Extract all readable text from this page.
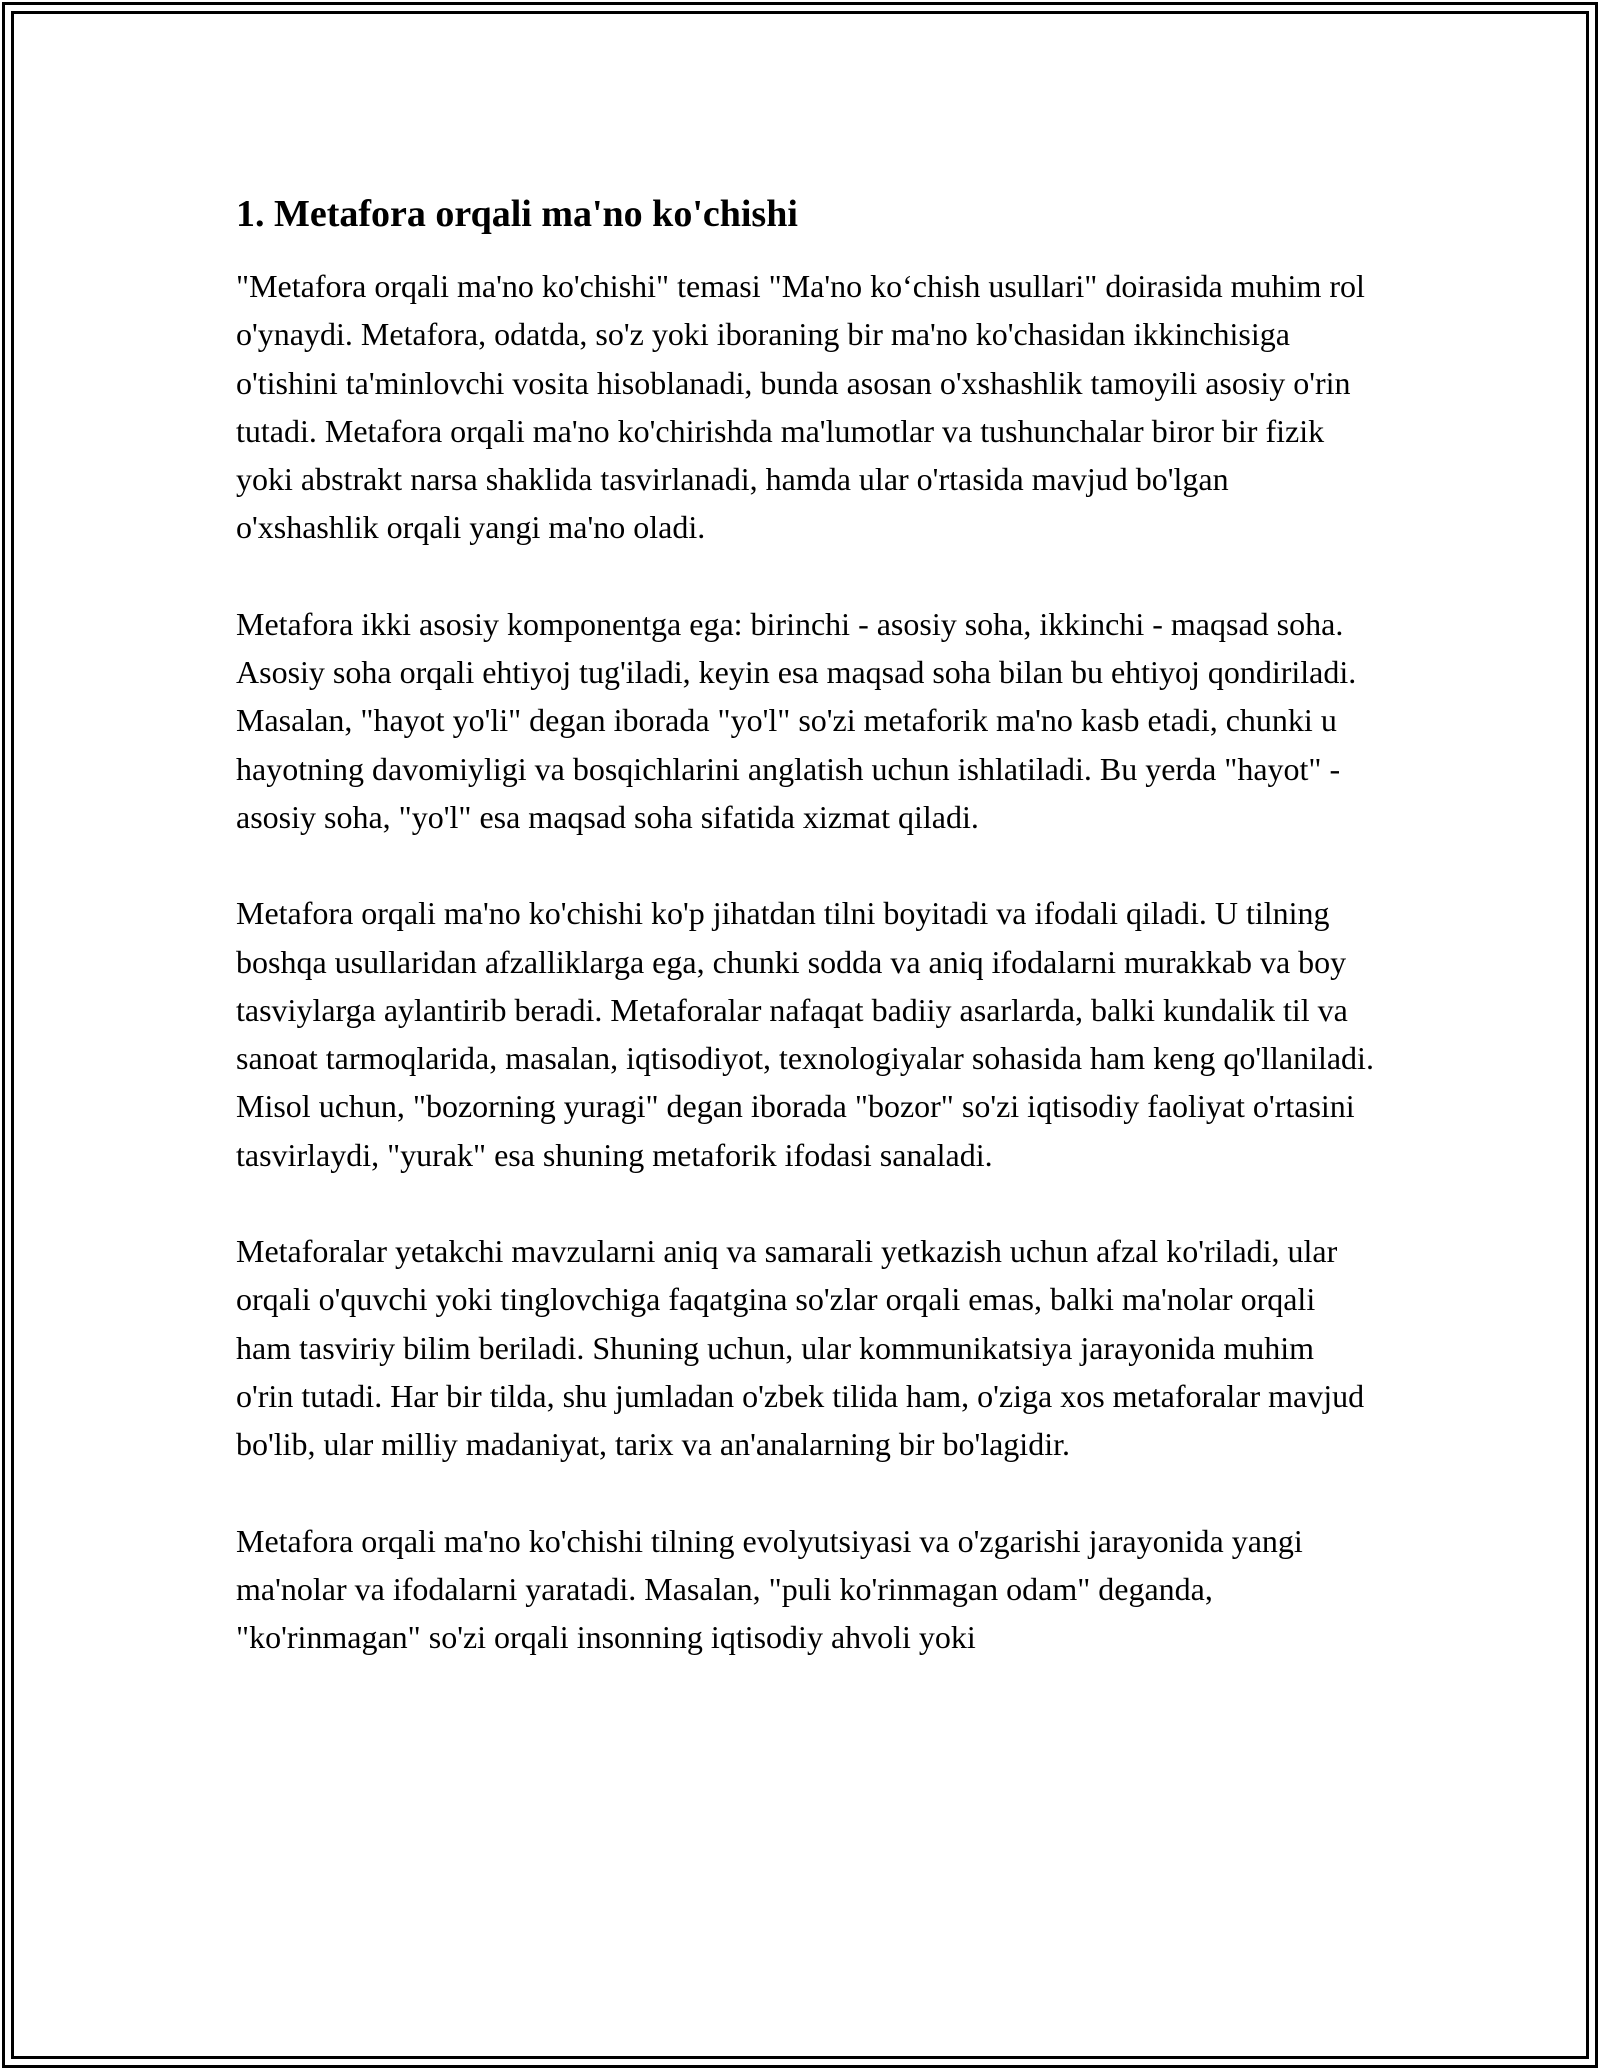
1. Metafora orqali ma'no ko'chishi

"Metafora orqali ma'no ko'chishi" temasi "Ma'no ko‘chish usullari" doirasida muhim rol o'ynaydi. Metafora, odatda, so'z yoki iboraning bir ma'no ko'chasidan ikkinchisiga o'tishini ta'minlovchi vosita hisoblanadi, bunda asosan o'xshashlik tamoyili asosiy o'rin tutadi. Metafora orqali ma'no ko'chirishda ma'lumotlar va tushunchalar biror bir fizik yoki abstrakt narsa shaklida tasvirlanadi, hamda ular o'rtasida mavjud bo'lgan o'xshashlik orqali yangi ma'no oladi.

Metafora ikki asosiy komponentga ega: birinchi - asosiy soha, ikkinchi - maqsad soha. Asosiy soha orqali ehtiyoj tug'iladi, keyin esa maqsad soha bilan bu ehtiyoj qondiriladi. Masalan, "hayot yo'li" degan iborada "yo'l" so'zi metaforik ma'no kasb etadi, chunki u hayotning davomiyligi va bosqichlarini anglatish uchun ishlatiladi. Bu yerda "hayot" - asosiy soha, "yo'l" esa maqsad soha sifatida xizmat qiladi.

Metafora orqali ma'no ko'chishi ko'p jihatdan tilni boyitadi va ifodali qiladi. U tilning boshqa usullaridan afzalliklarga ega, chunki sodda va aniq ifodalarni murakkab va boy tasviylarga aylantirib beradi. Metaforalar nafaqat badiiy asarlarda, balki kundalik til va sanoat tarmoqlarida, masalan, iqtisodiyot, texnologiyalar sohasida ham keng qo'llaniladi. Misol uchun, "bozorning yuragi" degan iborada "bozor" so'zi iqtisodiy faoliyat o'rtasini tasvirlaydi, "yurak" esa shuning metaforik ifodasi sanaladi.

Metaforalar yetakchi mavzularni aniq va samarali yetkazish uchun afzal ko'riladi, ular orqali o'quvchi yoki tinglovchiga faqatgina so'zlar orqali emas, balki ma'nolar orqali ham tasviriy bilim beriladi. Shuning uchun, ular kommunikatsiya jarayonida muhim o'rin tutadi. Har bir tilda, shu jumladan o'zbek tilida ham, o'ziga xos metaforalar mavjud bo'lib, ular milliy madaniyat, tarix va an'analarning bir bo'lagidir.

Metafora orqali ma'no ko'chishi tilning evolyutsiyasi va o'zgarishi jarayonida yangi ma'nolar va ifodalarni yaratadi. Masalan, "puli ko'rinmagan odam" deganda, "ko'rinmagan" so'zi orqali insonning iqtisodiy ahvoli yoki
